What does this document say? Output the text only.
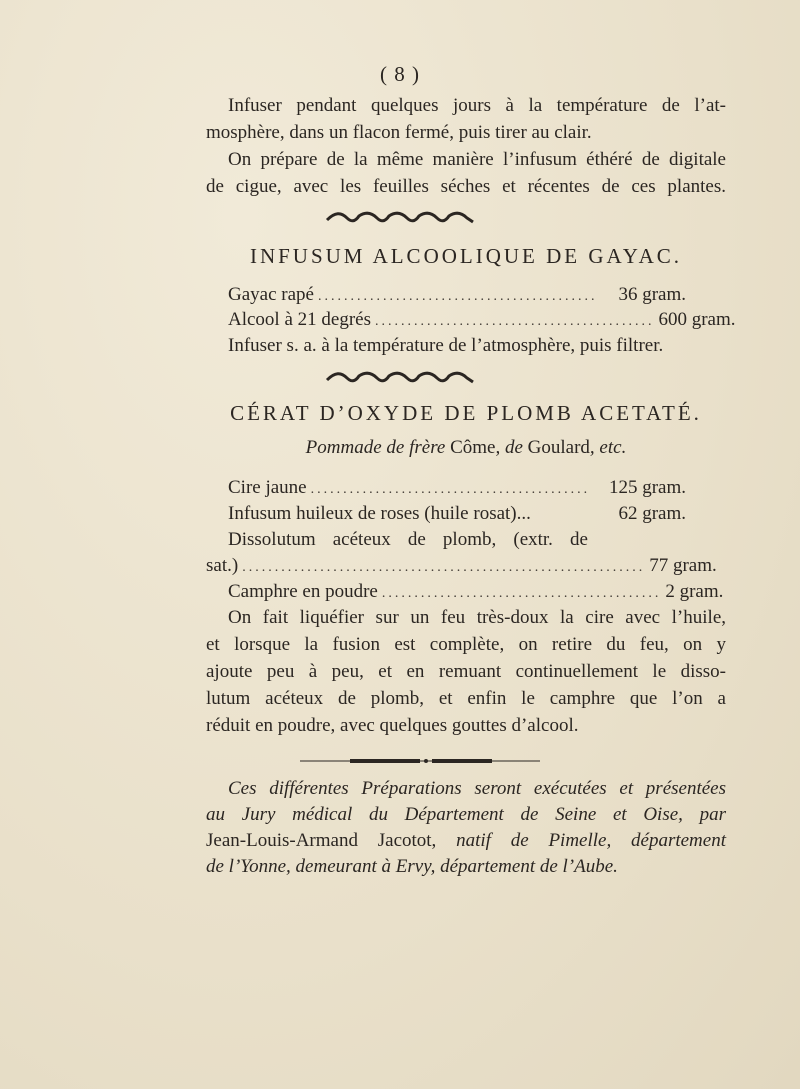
( 8 )
Infuser pendant quelques jours à la température de l’at-
mosphère, dans un flacon fermé, puis tirer au clair.
On prépare de la même manière l’infusum éthéré de digitale
de cigue, avec les feuilles séches et récentes de ces plantes.
INFUSUM ALCOOLIQUE DE GAYAC.
Gayac rapé ...........................................	36 gram.
Alcool à 21 degrés ........................................... 600 gram.
Infuser s. a. à la température de l’atmosphère, puis filtrer.
CÉRAT D’OXYDE DE PLOMB ACETATÉ.
Pommade de frère Côme, de Goulard, etc.
Cire jaune ........................................... 125 gram.
Infusum huileux de roses (huile rosat)...	62 gram.
Dissolutum acéteux de plomb, (extr. de
sat.) .............................................................. 77 gram.
Camphre en poudre ........................................... 2 gram.
On fait liquéfier sur un feu très-doux la cire avec l’huile,
et lorsque la fusion est complète, on retire du feu, on y
ajoute peu à peu, et en remuant continuellement le disso-
lutum acéteux de plomb, et enfin le camphre que l’on a
réduit en poudre, avec quelques gouttes d’alcool.
Ces différentes Préparations seront exécutées et présentées
au Jury médical du Département de Seine et Oise, par
Jean-Louis-Armand Jacotot, natif de Pimelle, département
de l’Yonne, demeurant à Ervy, département de l’Aube.
